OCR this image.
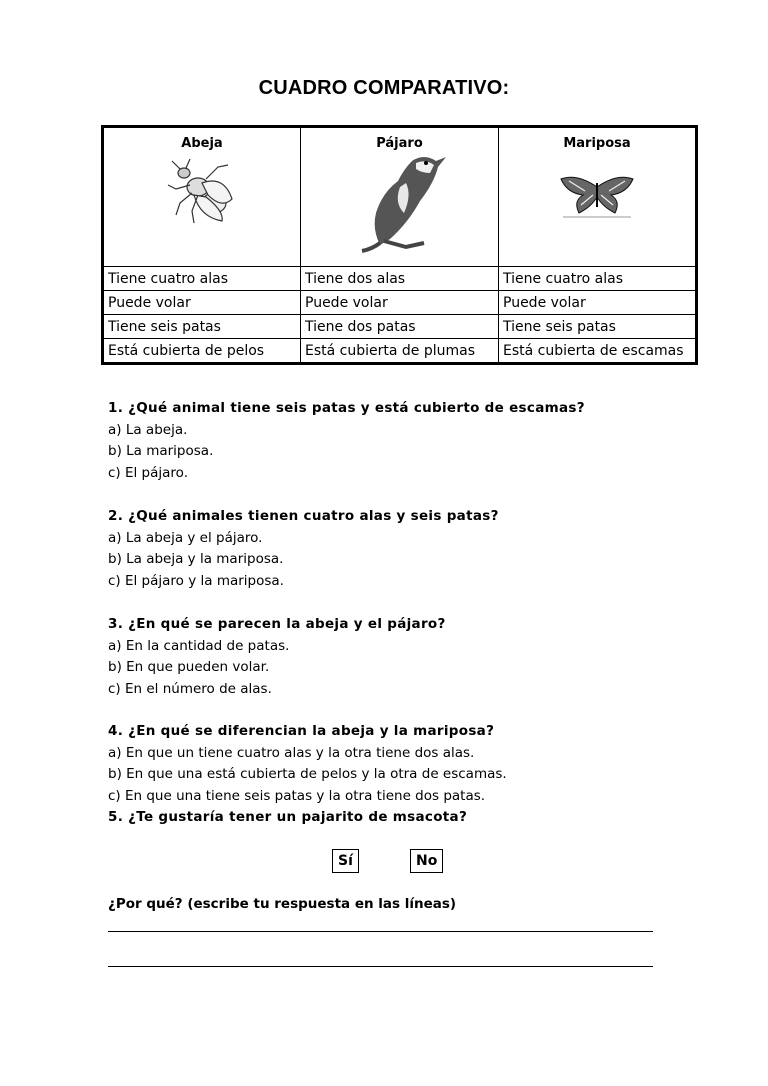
CUADRO COMPARATIVO:
Abeja	Pájaro	Mariposa

Tiene cuatro alas	Tiene dos alas	Tiene cuatro alas
Puede volar	Puede volar	Puede volar
Tiene seis patas	Tiene dos patas	Tiene seis patas
Está cubierta de pelos	Está cubierta de plumas	Está cubierta de escamas
1. ¿Qué animal tiene seis patas y está cubierto de escamas?
a) La abeja.
b) La mariposa.
c) El pájaro.
2. ¿Qué animales tienen cuatro alas y seis patas?
a) La abeja y el pájaro.
b) La abeja y la mariposa.
c) El pájaro y la mariposa.
3. ¿En qué se parecen la abeja y el pájaro?
a) En la cantidad de patas.
b) En que pueden volar.
c) En el número de alas.
4. ¿En qué se diferencian la abeja y la mariposa?
a) En que un tiene cuatro alas y la otra tiene dos alas.
b) En que una está cubierta de pelos y la otra de escamas.
c) En que una tiene seis patas y la otra tiene dos patas.
5. ¿Te gustaría tener un pajarito de msacota?
Sí	No
¿Por qué? (escribe tu respuesta en las líneas)
